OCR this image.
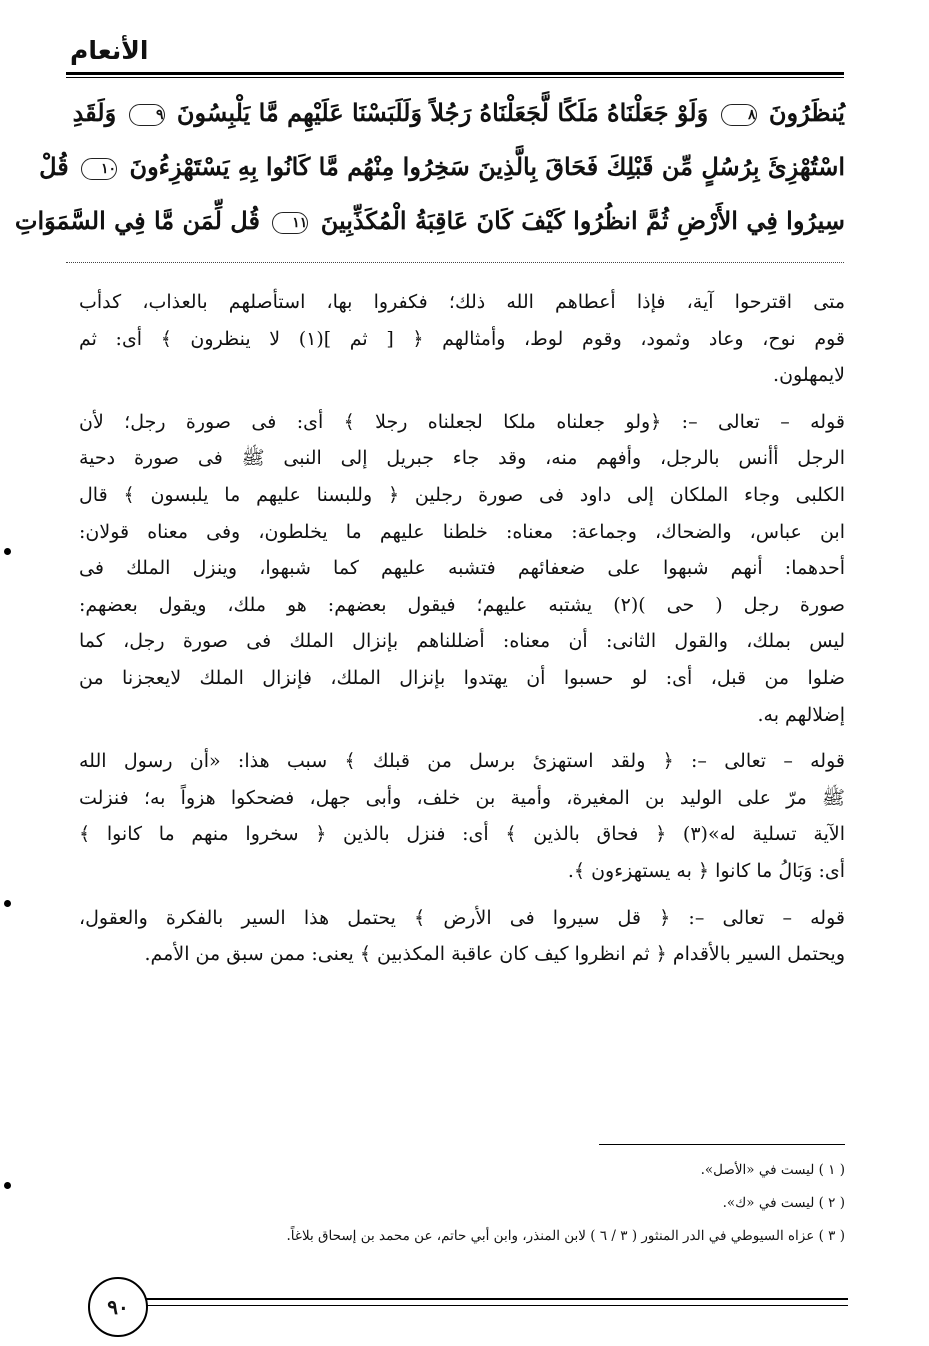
الأنعام
يُنظَرُونَ ٨ وَلَوْ جَعَلْنَاهُ مَلَكًا لَّجَعَلْنَاهُ رَجُلاً وَلَلَبَسْنَا عَلَيْهِم مَّا يَلْبِسُونَ ٩ وَلَقَدِ
اسْتُهْزِئَ بِرُسُلٍ مِّن قَبْلِكَ فَحَاقَ بِالَّذِينَ سَخِرُوا مِنْهُم مَّا كَانُوا بِهِ يَسْتَهْزِءُونَ ١٠ قُلْ
سِيرُوا فِي الأَرْضِ ثُمَّ انظُرُوا كَيْفَ كَانَ عَاقِبَةُ الْمُكَذِّبِينَ ١١ قُل لِّمَن مَّا فِي السَّمَوَاتِ
متى اقترحوا آية، فإذا أعطاهم الله ذلك؛ فكفروا بها، استأصلهم بالعذاب، كدأب
قوم نوح، وعاد وثمود، وقوم لوط، وأمثالهم ﴿ [ ثم ](١) لا ينظرون ﴾ أى: ثم
لايمهلون.
قوله – تعالى –: ﴿ولو جعلناه ملكا لجعلناه رجلا ﴾ أى: فى صورة رجل؛ لأن
الرجل أأنس بالرجل، وأفهم منه، وقد جاء جبريل إلى النبى ﷺ فى صورة دحية
الكلبى وجاء الملكان إلى داود فى صورة رجلين ﴿ وللبسنا عليهم ما يلبسون ﴾ قال
ابن عباس، والضحاك، وجماعة: معناه: خلطنا عليهم ما يخلطون، وفى معناه قولان:
أحدهما: أنهم شبهوا على ضعفائهم فتشبه عليهم كما شبهوا، وينزل الملك فى
صورة رجل ( حى )(٢) يشتبه عليهم؛ فيقول بعضهم: هو ملك، ويقول بعضهم:
ليس بملك، والقول الثانى: أن معناه: أضللناهم بإنزال الملك فى صورة رجل، كما
ضلوا من قبل، أى: لو حسبوا أن يهتدوا بإنزال الملك، فإنزال الملك لايعجزنا من
إضلالهم به.
قوله – تعالى –: ﴿ ولقد استهزئ برسل من قبلك ﴾ سبب هذا: «أن رسول الله
ﷺ مرّ على الوليد بن المغيرة، وأمية بن خلف، وأبى جهل، فضحكوا هزواً به؛ فنزلت
الآية تسلية له»(٣) ﴿ فحاق بالذين ﴾ أى: فنزل بالذين ﴿ سخروا منهم ما كانوا ﴾
أى: وَبَالُ ما كانوا ﴿ به يستهزءون ﴾.
قوله – تعالى –: ﴿ قل سيروا فى الأرض ﴾ يحتمل هذا السير بالفكرة والعقول،
ويحتمل السير بالأقدام ﴿ ثم انظروا كيف كان عاقبة المكذبين ﴾ يعنى: ممن سبق من الأمم.
( ١ ) ليست في «الأصل».
( ٢ ) ليست في «ك».
( ٣ ) عزاه السيوطي في الدر المنثور ( ٣ / ٦ ) لابن المنذر، وابن أبي حاتم، عن محمد بن إسحاق بلاغاً.
٩٠
